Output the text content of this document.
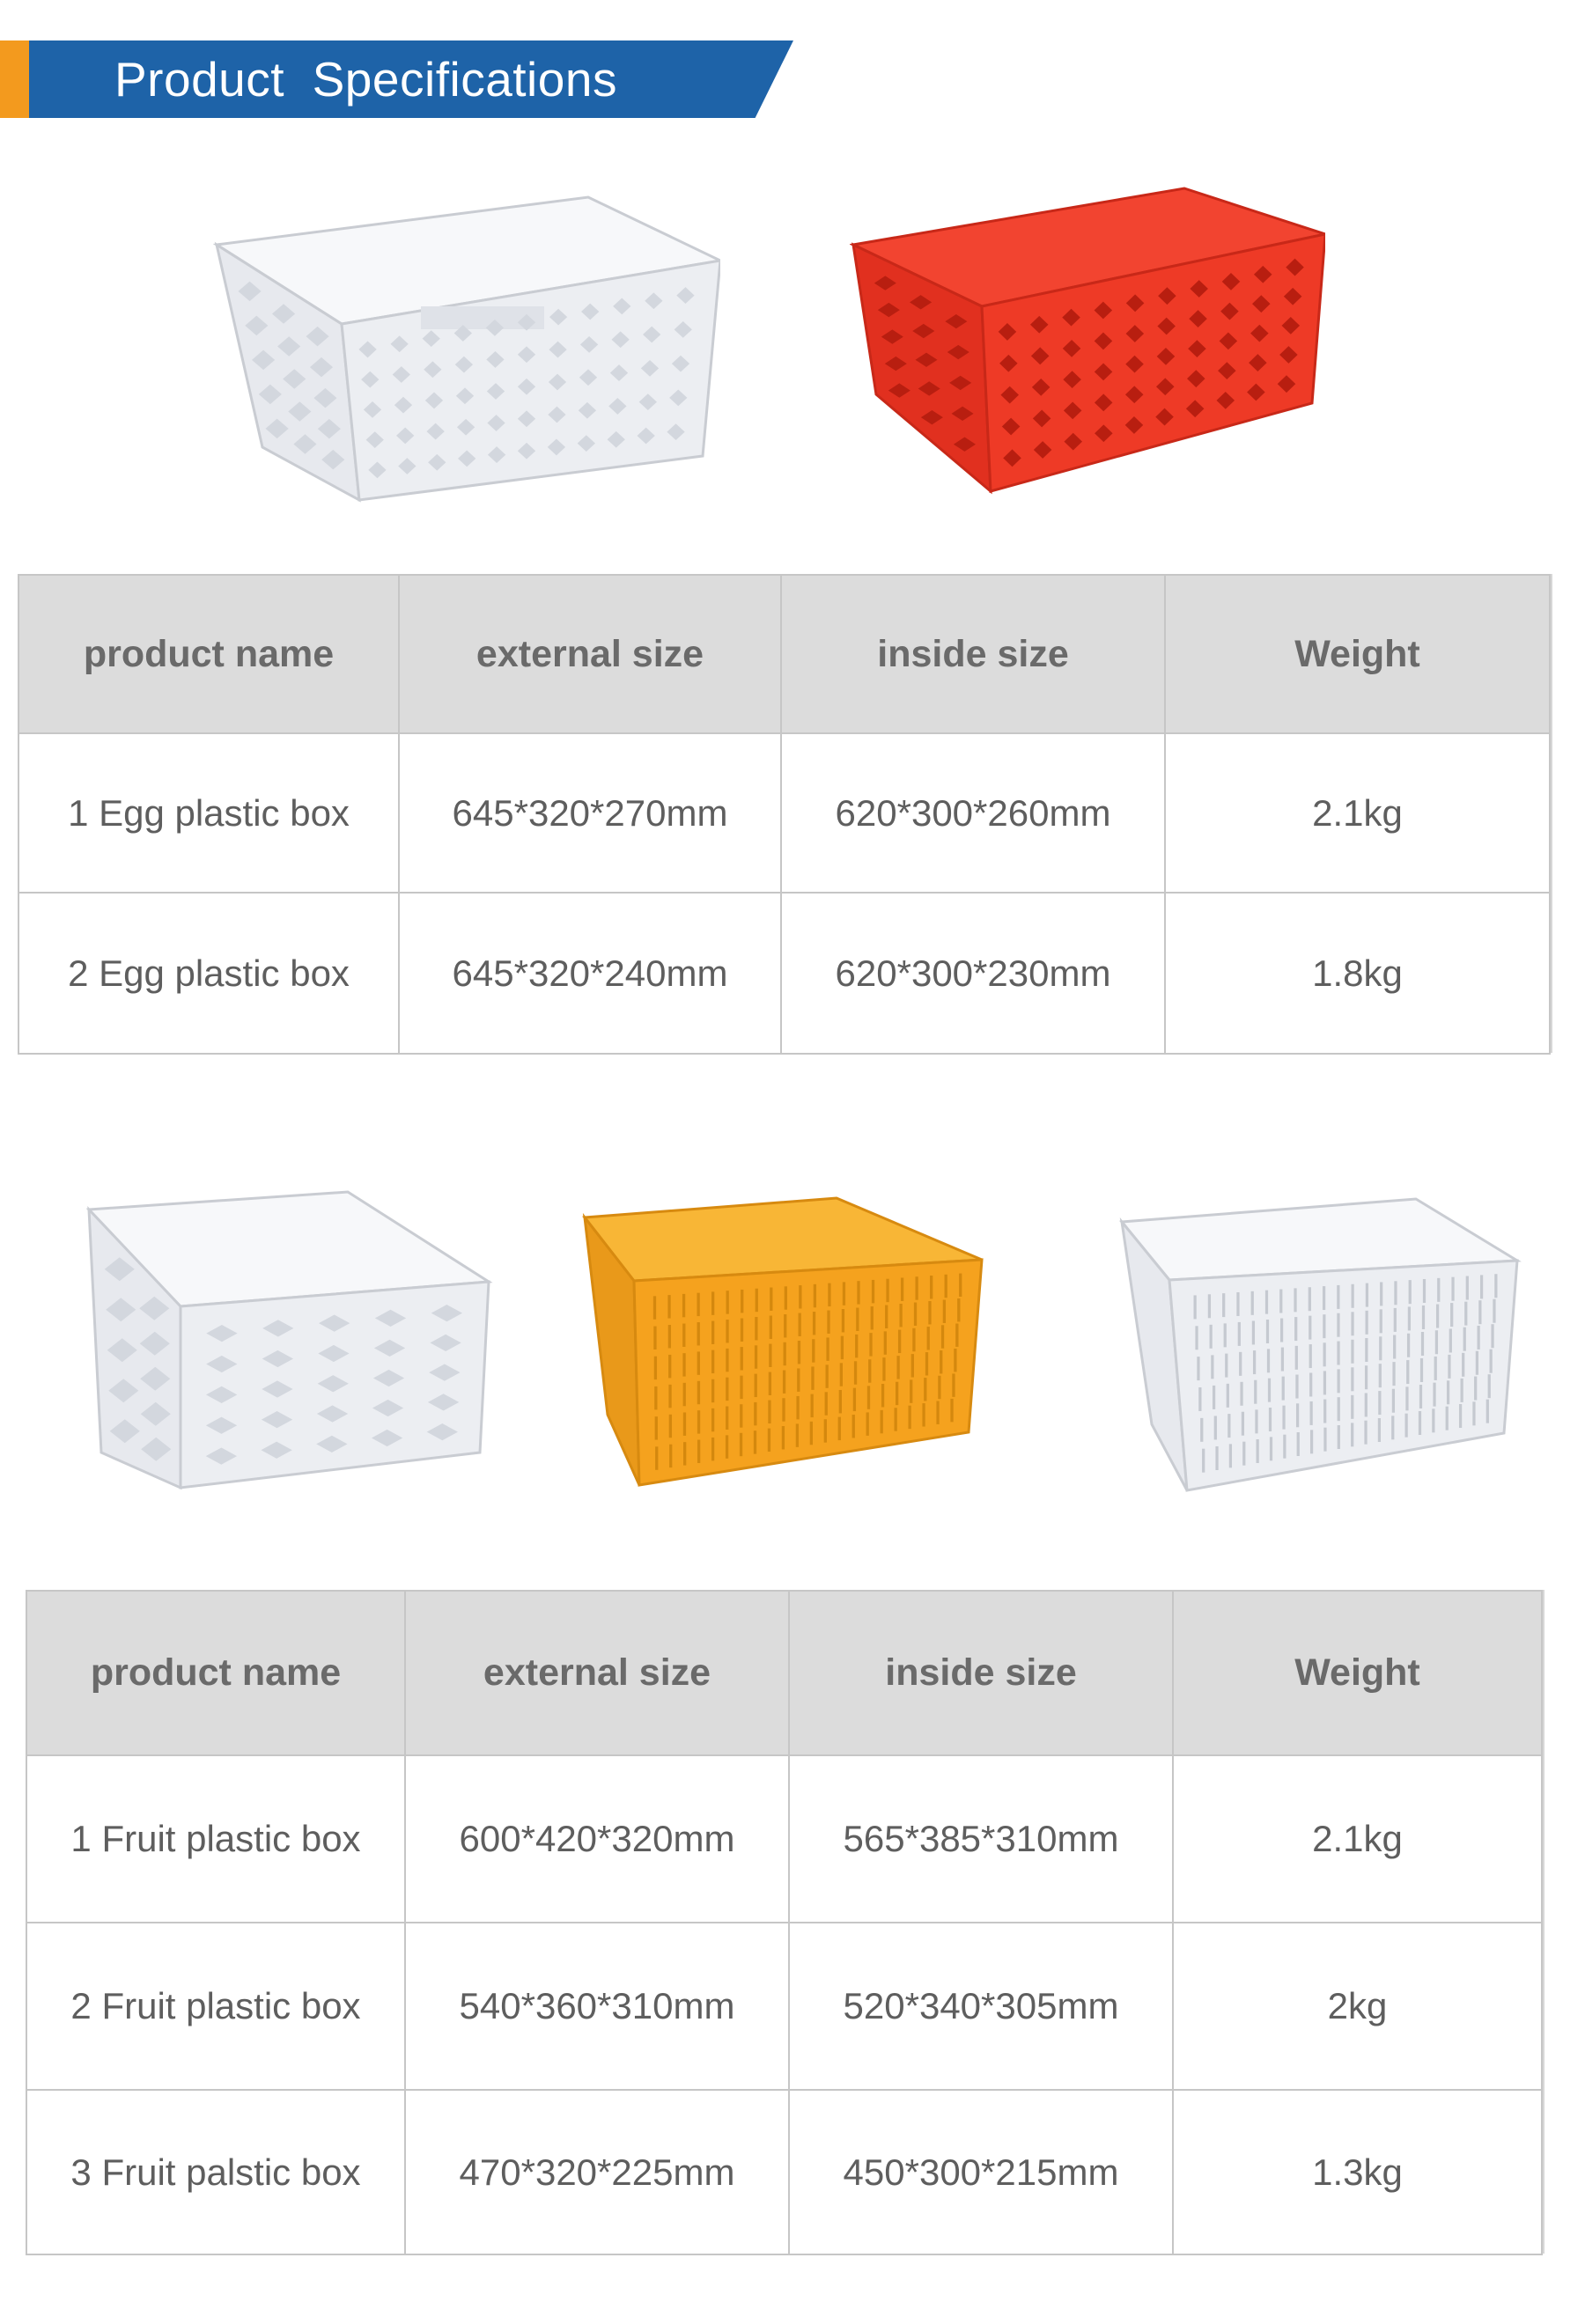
Product  Specifications
product name	external size	inside size	Weight
1 Egg plastic box	645*320*270mm	620*300*260mm	2.1kg
2 Egg plastic box	645*320*240mm	620*300*230mm	1.8kg
product name	external size	inside size	Weight
1 Fruit plastic box	600*420*320mm	565*385*310mm	2.1kg
2 Fruit plastic box	540*360*310mm	520*340*305mm	2kg
3 Fruit palstic box	470*320*225mm	450*300*215mm	1.3kg
